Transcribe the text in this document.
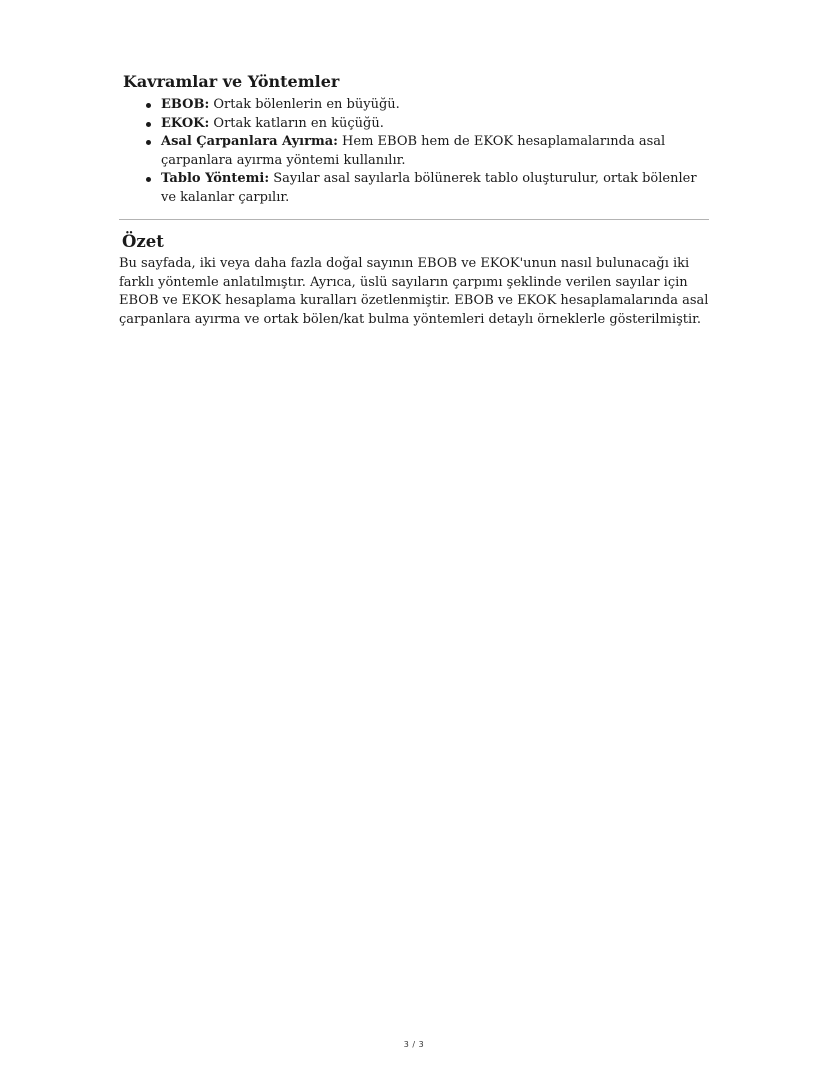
Kavramlar ve Yöntemler
EBOB: Ortak bölenlerin en büyüğü.
EKOK: Ortak katların en küçüğü.
Asal Çarpanlara Ayırma: Hem EBOB hem de EKOK hesaplamalarında asal çarpanlara ayırma yöntemi kullanılır.
Tablo Yöntemi: Sayılar asal sayılarla bölünerek tablo oluşturulur, ortak bölenler ve kalanlar çarpılır.
Özet

Bu sayfada, iki veya daha fazla doğal sayının EBOB ve EKOK'unun nasıl bulunacağı iki farklı yöntemle anlatılmıştır. Ayrıca, üslü sayıların çarpımı şeklinde verilen sayılar için EBOB ve EKOK hesaplama kuralları özetlenmiştir. EBOB ve EKOK hesaplamalarında asal çarpanlara ayırma ve ortak bölen/kat bulma yöntemleri detaylı örneklerle gösterilmiştir.

3 / 3
